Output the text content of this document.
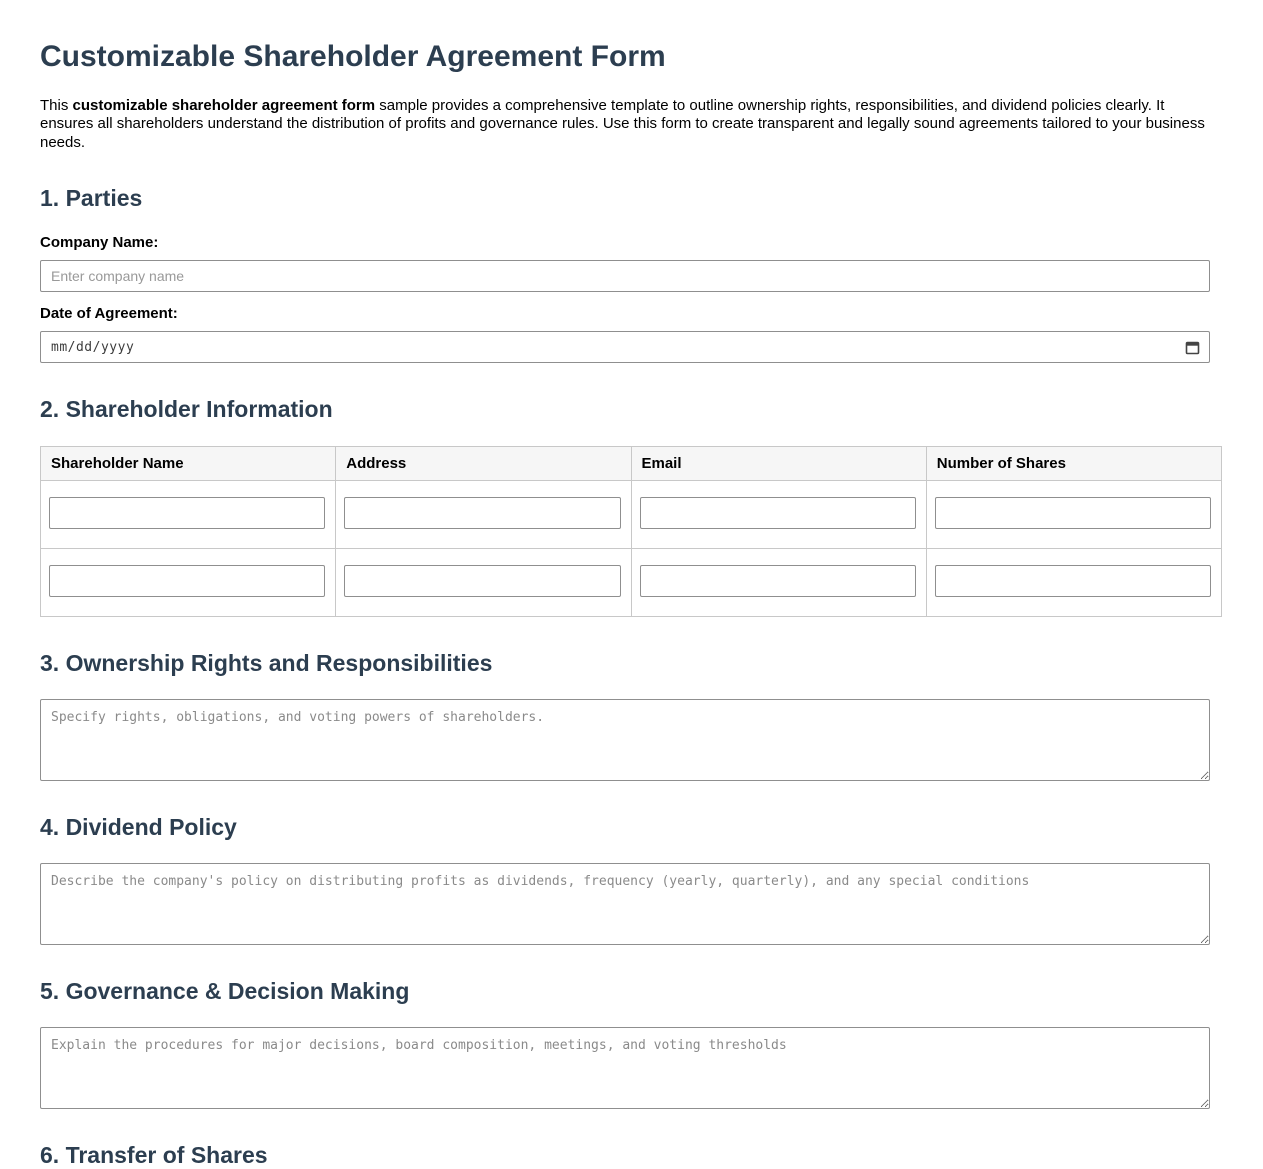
Customizable Shareholder Agreement Form

This customizable shareholder agreement form sample provides a comprehensive template to outline ownership rights, responsibilities, and dividend policies clearly. It ensures all shareholders understand the distribution of profits and governance rules. Use this form to create transparent and legally sound agreements tailored to your business needs.

1. Parties
Company Name:
Enter company name
Date of Agreement:
mm/dd/yyyy
2. Shareholder Information
Shareholder Name	Address	Email	Number of Shares

3. Ownership Rights and Responsibilities
Specify rights, obligations, and voting powers of shareholders.
4. Dividend Policy
Describe the company's policy on distributing profits as dividends, frequency (yearly, quarterly), and any special conditions
5. Governance & Decision Making
Explain the procedures for major decisions, board composition, meetings, and voting thresholds
6. Transfer of Shares
